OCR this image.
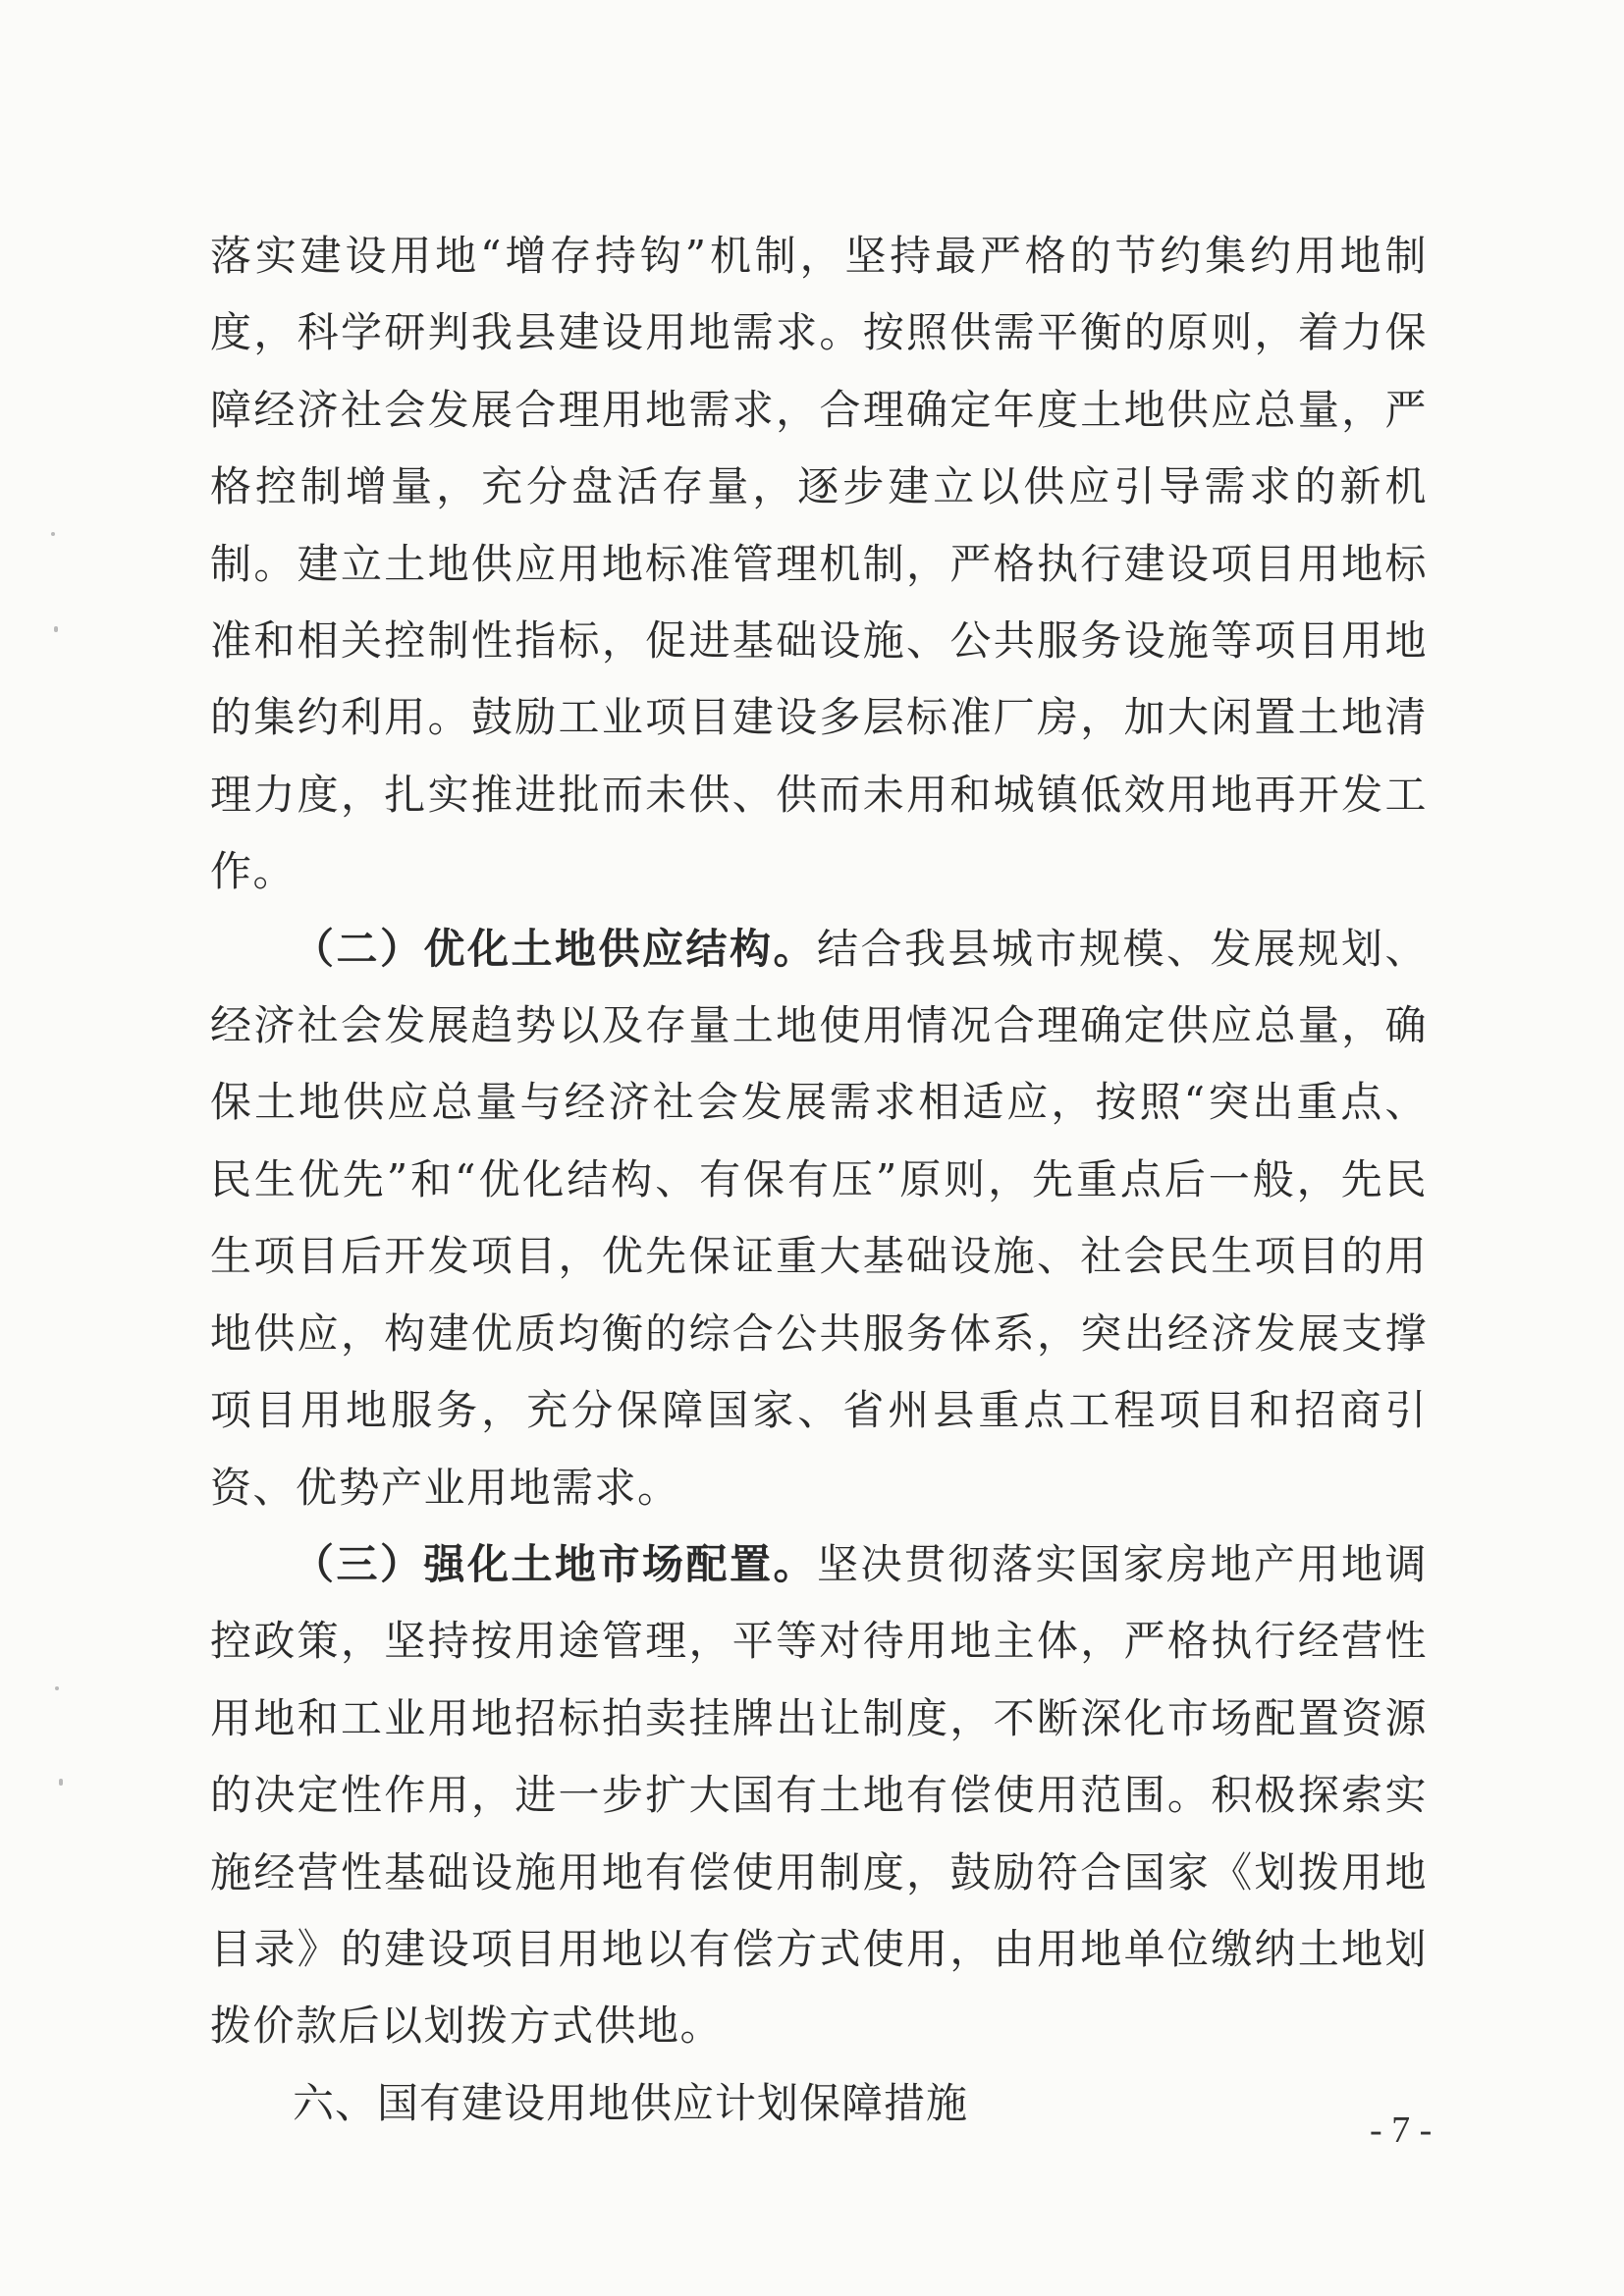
落实建设用地“增存持钩”机制，坚持最严格的节约集约用地制度，科学研判我县建设用地需求。按照供需平衡的原则，着力保障经济社会发展合理用地需求，合理确定年度土地供应总量，严格控制增量，充分盘活存量，逐步建立以供应引导需求的新机制。建立土地供应用地标准管理机制，严格执行建设项目用地标准和相关控制性指标，促进基础设施、公共服务设施等项目用地的集约利用。鼓励工业项目建设多层标准厂房，加大闲置土地清理力度，扎实推进批而未供、供而未用和城镇低效用地再开发工作。

（二）优化土地供应结构。结合我县城市规模、发展规划、经济社会发展趋势以及存量土地使用情况合理确定供应总量，确保土地供应总量与经济社会发展需求相适应，按照“突出重点、民生优先”和“优化结构、有保有压”原则，先重点后一般，先民生项目后开发项目，优先保证重大基础设施、社会民生项目的用地供应，构建优质均衡的综合公共服务体系，突出经济发展支撑项目用地服务，充分保障国家、省州县重点工程项目和招商引资、优势产业用地需求。

（三）强化土地市场配置。坚决贯彻落实国家房地产用地调控政策，坚持按用途管理，平等对待用地主体，严格执行经营性用地和工业用地招标拍卖挂牌出让制度，不断深化市场配置资源的决定性作用，进一步扩大国有土地有偿使用范围。积极探索实施经营性基础设施用地有偿使用制度，鼓励符合国家《划拨用地目录》的建设项目用地以有偿方式使用，由用地单位缴纳土地划拨价款后以划拨方式供地。

六、国有建设用地供应计划保障措施

- 7 -
